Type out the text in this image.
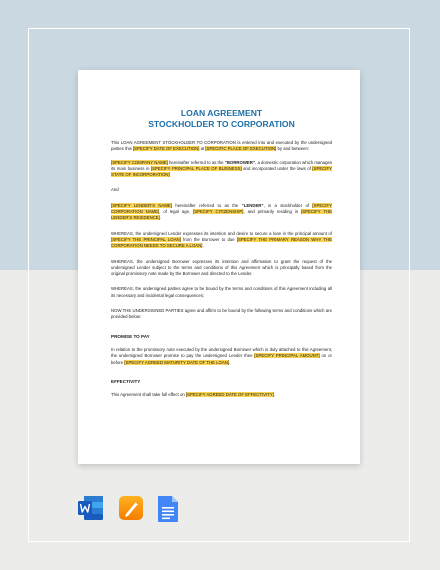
LOAN AGREEMENT
STOCKHOLDER TO CORPORATION

This LOAN AGREEMENT STOCKHOLDER TO CORPORATION is entered into and executed by the undersigned parties this [SPECIFY DATE OF EXECUTION] at [SPECIFIC PLACE OF EXECUTION] by and between:

[SPECIFY COMPANY NAME] hereinafter referred to as the “BORROWER”, a domestic corporation which manages its main business in [SPECIFY PRINCIPAL PLACE OF BUSINESS] and incorporated under the laws of [SPECIFY STATE OF INCORPORATION]

And

[SPECIFY LENDER’S NAME] hereinafter referred to as the “LENDER”, is a stockholder of [SPECIFY CORPORATION NAME], of legal age, [SPECIFY CITIZENSHIP], and primarily residing in [SPECIFY THE LENDER’S RESIDENCE].

WHEREAS, the undersigned Lender expresses its intention and desire to secure a loan in the principal amount of [SPECIFY THE PRINCIPAL LOAN] from the Borrower to due [SPECIFY THE PRIMARY REASON WHY THE CORPORATION NEEDS TO SECURE A LOAN].

WHEREAS, the undersigned Borrower expresses its intention and affirmation to grant the request of the undersigned Lender subject to the terms and conditions of this Agreement which is principally based from the original promissory note made by the Borrower and directed to the Lender.

WHEREAS, the undersigned parties agree to be bound by the terms and conditions of this Agreement including all its necessary and incidental legal consequences;

NOW THE UNDERSIGNED PARTIES agree and affirm to be bound by the following terms and conditions which are provided below:

PROMISE TO PAY

In relation to the promissory note executed by the undersigned Borrower which is duly attached to this Agreement, the undersigned Borrower promise to pay the undersigned Lender thee [SPECIFY PRINCIPAL AMOUNT] on or before [SPECIFY AGREED MATURITY DATE OF THE LOAN].

EFFECTIVITY

This Agreement shall take full effect on [SPECIFY AGREED DATE OF EFFECTIVITY].
